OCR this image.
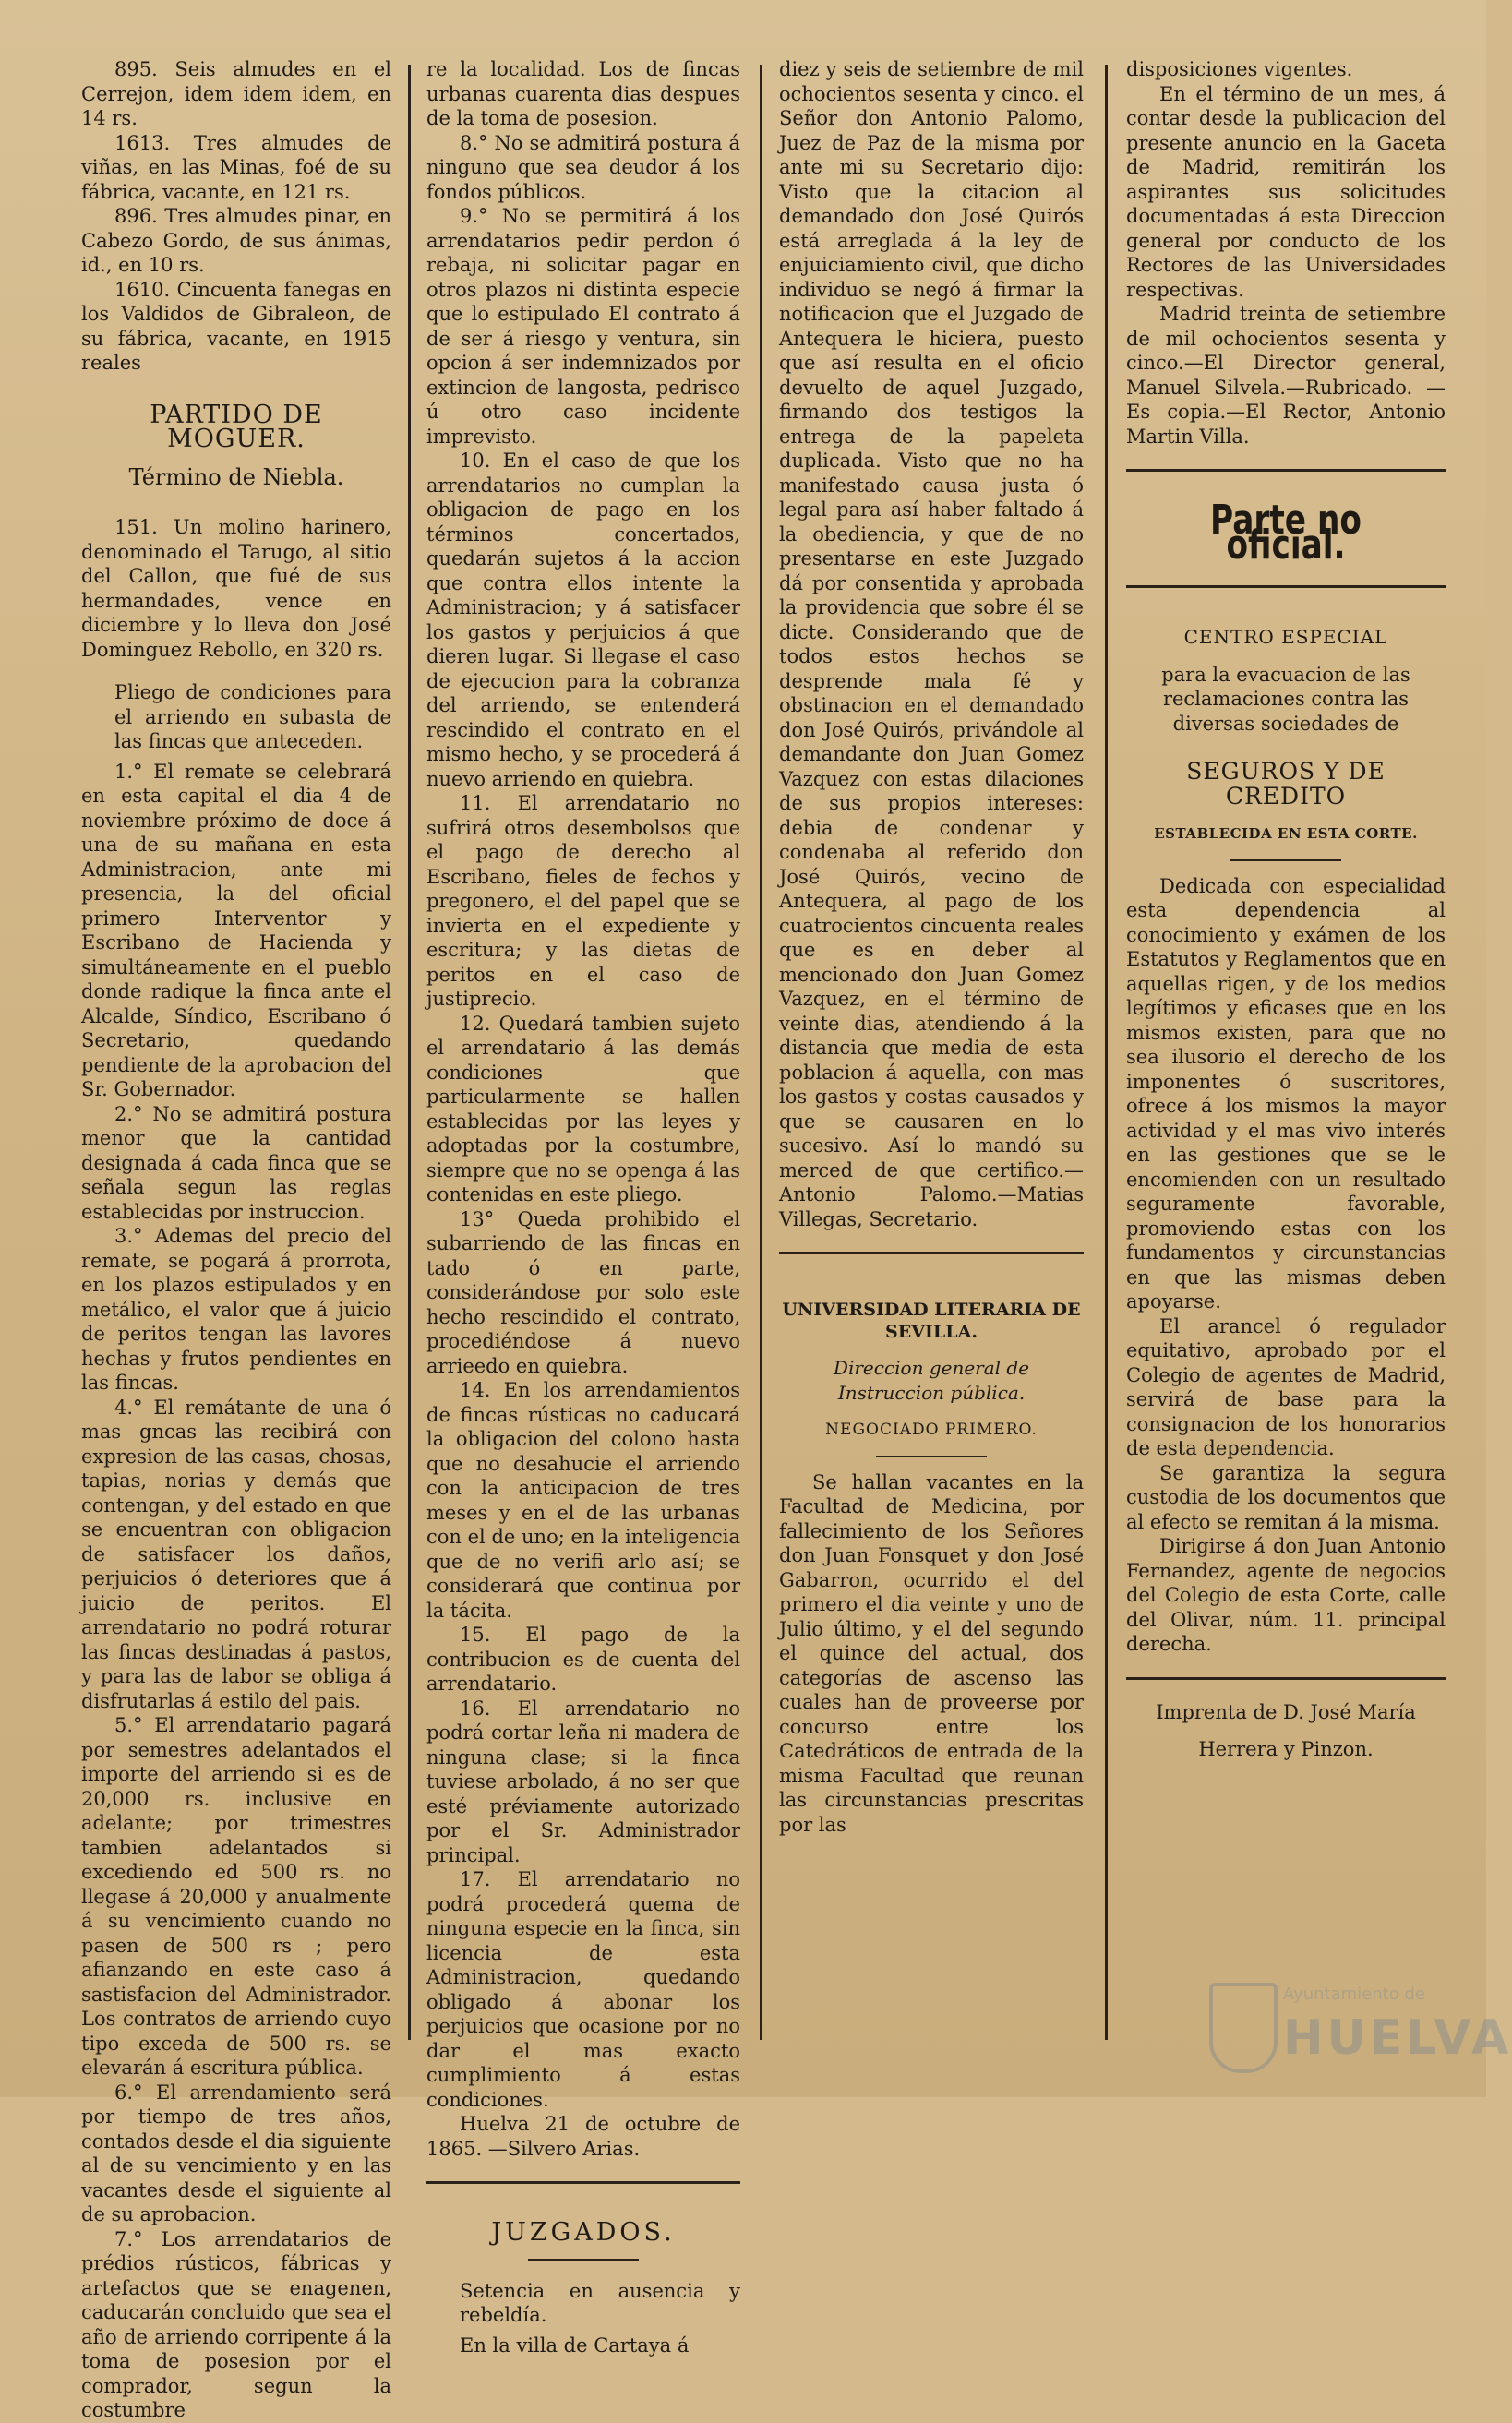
895. Seis almudes en el Cerrejon, idem idem idem, en 14 rs.

1613. Tres almudes de viñas, en las Minas, foé de su fábrica, vacante, en 121 rs.

896. Tres almudes pinar, en Cabezo Gordo, de sus ánimas, id., en 10 rs.

1610. Cincuenta fanegas en los Valdidos de Gibraleon, de su fábrica, vacante, en 1915 reales

PARTIDO DE MOGUER.

Término de Niebla.

151. Un molino harinero, denominado el Tarugo, al sitio del Callon, que fué de sus hermandades, vence en diciembre y lo lleva don José Dominguez Rebollo, en 320 rs.

Pliego de condiciones para el arriendo en subasta de las fincas que anteceden.

1.° El remate se celebrará en esta capital el dia 4 de noviembre próximo de doce á una de su mañana en esta Administracion, ante mi presencia, la del oficial primero Interventor y Escribano de Hacienda y simultáneamente en el pueblo donde radique la finca ante el Alcalde, Síndico, Escribano ó Secretario, quedando pendiente de la aprobacion del Sr. Gobernador.

2.° No se admitirá postura menor que la cantidad designada á cada finca que se señala segun las reglas establecidas por instruccion.

3.° Ademas del precio del remate, se pogará á prorrota, en los plazos estipulados y en metálico, el valor que á juicio de peritos tengan las lavores hechas y frutos pendientes en las fincas.

4.° El remátante de una ó mas gncas las recibirá con expresion de las casas, chosas, tapias, norias y demás que contengan, y del estado en que se encuentran con obligacion de satisfacer los daños, perjuicios ó deteriores que á juicio de peritos. El arrendatario no podrá roturar las fincas destinadas á pastos, y para las de labor se obliga á disfrutarlas á estilo del pais.

5.° El arrendatario pagará por semestres adelantados el importe del arriendo si es de 20,000 rs. inclusive en adelante; por trimestres tambien adelantados si excediendo ed 500 rs. no llegase á 20,000 y anualmente á su vencimiento cuando no pasen de 500 rs ; pero afianzando en este caso á sastisfacion del Administrador. Los contratos de arriendo cuyo tipo exceda de 500 rs. se elevarán á escritura pública.

6.° El arrendamiento será por tiempo de tres años, contados desde el dia siguiente al de su vencimiento y en las vacantes desde el siguiente al de su aprobacion.

7.° Los arrendatarios de prédios rústicos, fábricas y artefactos que se enagenen, caducarán concluido que sea el año de arriendo corripente á la toma de posesion por el comprador, segun la costumbre

re la localidad. Los de fincas urbanas cuarenta dias despues de la toma de posesion.

8.° No se admitirá postura á ninguno que sea deudor á los fondos públicos.

9.° No se permitirá á los arrendatarios pedir perdon ó rebaja, ni solicitar pagar en otros plazos ni distinta especie que lo estipulado El contrato á de ser á riesgo y ventura, sin opcion á ser indemnizados por extincion de langosta, pedrisco ú otro caso incidente imprevisto.

10. En el caso de que los arrendatarios no cumplan la obligacion de pago en los términos concertados, quedarán sujetos á la accion que contra ellos intente la Administracion; y á satisfacer los gastos y perjuicios á que dieren lugar. Si llegase el caso de ejecucion para la cobranza del arriendo, se entenderá rescindido el contrato en el mismo hecho, y se procederá á nuevo arriendo en quiebra.

11. El arrendatario no sufrirá otros desembolsos que el pago de derecho al Escribano, fieles de fechos y pregonero, el del papel que se invierta en el expediente y escritura; y las dietas de peritos en el caso de justiprecio.

12. Quedará tambien sujeto el arrendatario á las demás condiciones que particularmente se hallen establecidas por las leyes y adoptadas por la costumbre, siempre que no se openga á las contenidas en este pliego.

13° Queda prohibido el subarriendo de las fincas en tado ó en parte, considerándose por solo este hecho rescindido el contrato, procediéndose á nuevo arrieedo en quiebra.

14. En los arrendamientos de fincas rústicas no caducará la obligacion del colono hasta que no desahucie el arriendo con la anticipacion de tres meses y en el de las urbanas con el de uno; en la inteligencia que de no verifi arlo así; se considerará que continua por la tácita.

15. El pago de la contribucion es de cuenta del arrendatario.

16. El arrendatario no podrá cortar leña ni madera de ninguna clase; si la finca tuviese arbolado, á no ser que esté préviamente autorizado por el Sr. Administrador principal.

17. El arrendatario no podrá procederá quema de ninguna especie en la finca, sin licencia de esta Administracion, quedando obligado á abonar los perjuicios que ocasione por no dar el mas exacto cumplimiento á estas condiciones.

Huelva 21 de octubre de 1865. —Silvero Arias.

JUZGADOS.

Setencia en ausencia y rebeldía.

En la villa de Cartaya á

diez y seis de setiembre de mil ochocientos sesenta y cinco. el Señor don Antonio Palomo, Juez de Paz de la misma por ante mi su Secretario dijo: Visto que la citacion al demandado don José Quirós está arreglada á la ley de enjuiciamiento civil, que dicho individuo se negó á firmar la notificacion que el Juzgado de Antequera le hiciera, puesto que así resulta en el oficio devuelto de aquel Juzgado, firmando dos testigos la entrega de la papeleta duplicada. Visto que no ha manifestado causa justa ó legal para así haber faltado á la obediencia, y que de no presentarse en este Juzgado dá por consentida y aprobada la providencia que sobre él se dicte. Considerando que de todos estos hechos se desprende mala fé y obstinacion en el demandado don José Quirós, privándole al demandante don Juan Gomez Vazquez con estas dilaciones de sus propios intereses: debia de condenar y condenaba al referido don José Quirós, vecino de Antequera, al pago de los cuatrocientos cincuenta reales que es en deber al mencionado don Juan Gomez Vazquez, en el término de veinte dias, atendiendo á la distancia que media de esta poblacion á aquella, con mas los gastos y costas causados y que se causaren en lo sucesivo. Así lo mandó su merced de que certifico.—Antonio Palomo.—Matias Villegas, Secretario.

UNIVERSIDAD LITERARIA DE SEVILLA.

Direccion general de Instruccion pública.

NEGOCIADO PRIMERO.

Se hallan vacantes en la Facultad de Medicina, por fallecimiento de los Señores don Juan Fonsquet y don José Gabarron, ocurrido el del primero el dia veinte y uno de Julio último, y el del segundo el quince del actual, dos categorías de ascenso las cuales han de proveerse por concurso entre los Catedráticos de entrada de la misma Facultad que reunan las circunstancias prescritas por las

disposiciones vigentes.

En el término de un mes, á contar desde la publicacion del presente anuncio en la Gaceta de Madrid, remitirán los aspirantes sus solicitudes documentadas á esta Direccion general por conducto de los Rectores de las Universidades respectivas.

Madrid treinta de setiembre de mil ochocientos sesenta y cinco.—El Director general, Manuel Silvela.—Rubricado. —Es copia.—El Rector, Antonio Martin Villa.

Parte no oficial.

CENTRO ESPECIAL

para la evacuacion de las reclamaciones contra las diversas sociedades de

SEGUROS Y DE CREDITO

ESTABLECIDA EN ESTA CORTE.

Dedicada con especialidad esta dependencia al conocimiento y exámen de los Estatutos y Reglamentos que en aquellas rigen, y de los medios legítimos y eficases que en los mismos existen, para que no sea ilusorio el derecho de los imponentes ó suscritores, ofrece á los mismos la mayor actividad y el mas vivo interés en las gestiones que se le encomienden con un resultado seguramente favorable, promoviendo estas con los fundamentos y circunstancias en que las mismas deben apoyarse.

El arancel ó regulador equitativo, aprobado por el Colegio de agentes de Madrid, servirá de base para la consignacion de los honorarios de esta dependencia.

Se garantiza la segura custodia de los documentos que al efecto se remitan á la misma.

Dirigirse á don Juan Antonio Fernandez, agente de negocios del Colegio de esta Corte, calle del Olivar, núm. 11. principal derecha.

Imprenta de D. José María

Herrera y Pinzon.

Ayuntamiento de
HUELVA
